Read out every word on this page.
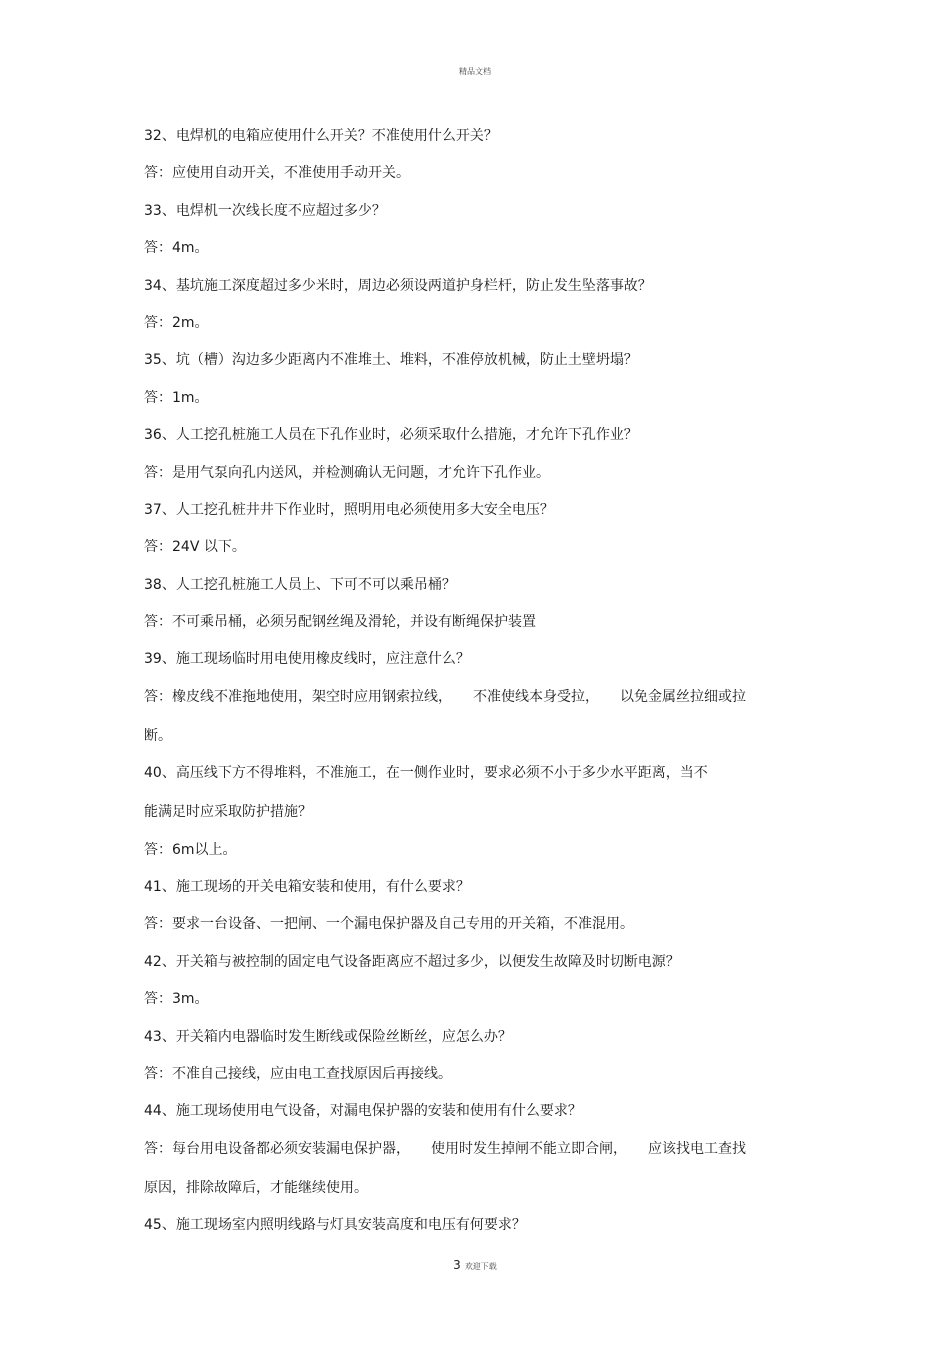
精品文档
32、电焊机的电箱应使用什么开关？不准使用什么开关？
答：应使用自动开关，不准使用手动开关。
33、电焊机一次线长度不应超过多少？
答：4m。
34、基坑施工深度超过多少米时，周边必须设两道护身栏杆，防止发生坠落事故？
答：2m。
35、坑（槽）沟边多少距离内不准堆土、堆料，不准停放机械，防止土壁坍塌？
答：1m。
36、人工挖孔桩施工人员在下孔作业时，必须采取什么措施，才允许下孔作业？
答：是用气泵向孔内送风，并检测确认无问题，才允许下孔作业。
37、人工挖孔桩井井下作业时，照明用电必须使用多大安全电压？
答：24V 以下。
38、人工挖孔桩施工人员上、下可不可以乘吊桶？
答：不可乘吊桶，必须另配钢丝绳及滑轮，并设有断绳保护装置
39、施工现场临时用电使用橡皮线时，应注意什么？
答：橡皮线不准拖地使用，架空时应用钢索拉线，　　不准使线本身受拉，　　以免金属丝拉细或拉
断。
40、高压线下方不得堆料，不准施工，在一侧作业时，要求必须不小于多少水平距离，当不
能满足时应采取防护措施？
答：6m以上。
41、施工现场的开关电箱安装和使用，有什么要求？
答：要求一台设备、一把闸、一个漏电保护器及自己专用的开关箱，不准混用。
42、开关箱与被控制的固定电气设备距离应不超过多少，以便发生故障及时切断电源？
答：3m。
43、开关箱内电器临时发生断线或保险丝断丝，应怎么办？
答：不准自己接线，应由电工查找原因后再接线。
44、施工现场使用电气设备，对漏电保护器的安装和使用有什么要求？
答：每台用电设备都必须安装漏电保护器，　　使用时发生掉闸不能立即合闸，　　应该找电工查找
原因，排除故障后，才能继续使用。
45、施工现场室内照明线路与灯具安装高度和电压有何要求？
3 欢迎下载
